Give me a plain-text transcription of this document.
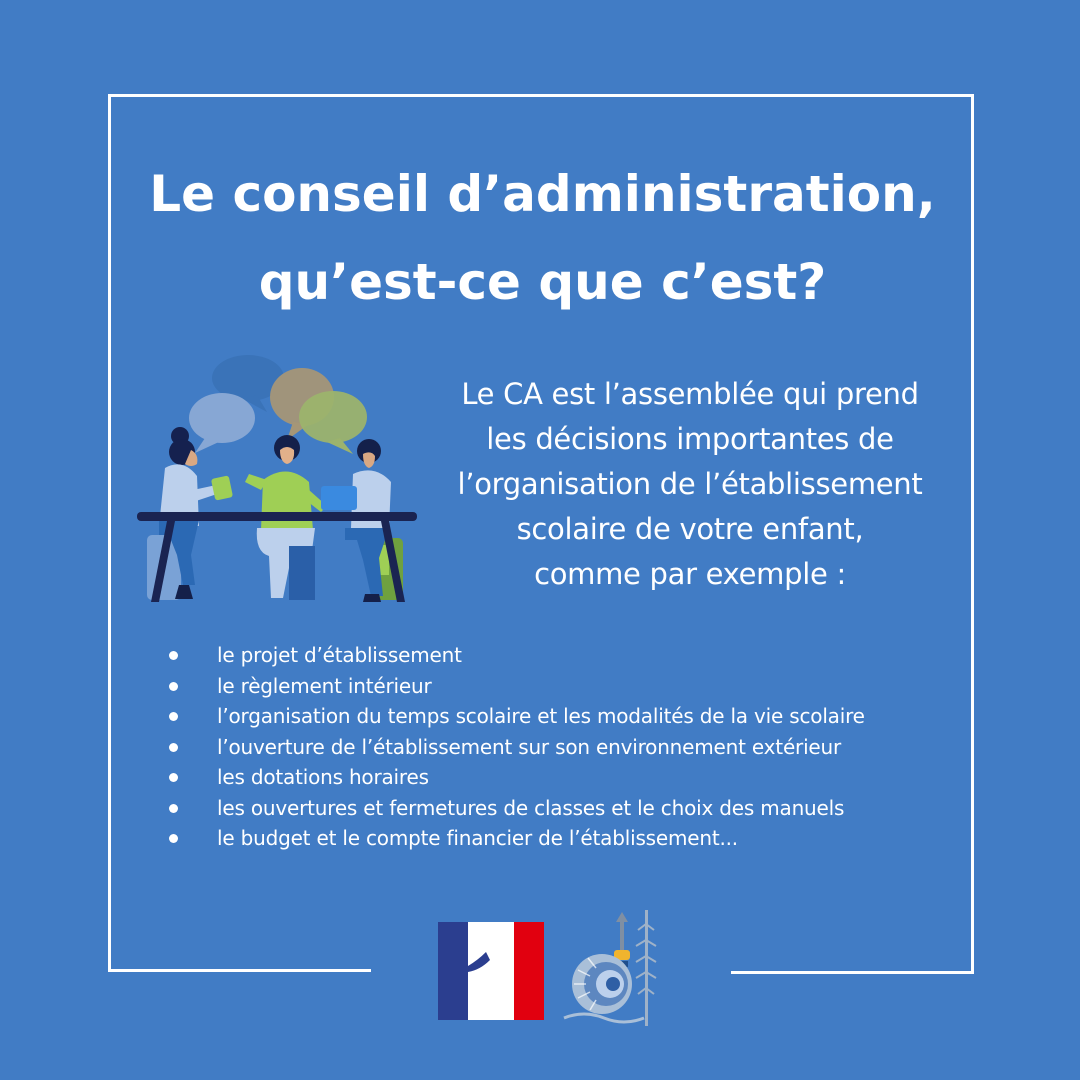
Le conseil d’administration,
qu’est-ce que c’est?
Le CA est l’assemblée qui prend
les décisions importantes de
l’organisation de l’établissement
scolaire de votre enfant,
comme par exemple :
le projet d’établissement
le règlement intérieur
l’organisation du temps scolaire et les modalités de la vie scolaire
l’ouverture de l’établissement sur son environnement extérieur
les dotations horaires
les ouvertures et fermetures de classes et le choix des manuels
le budget et le compte financier de l’établissement...
